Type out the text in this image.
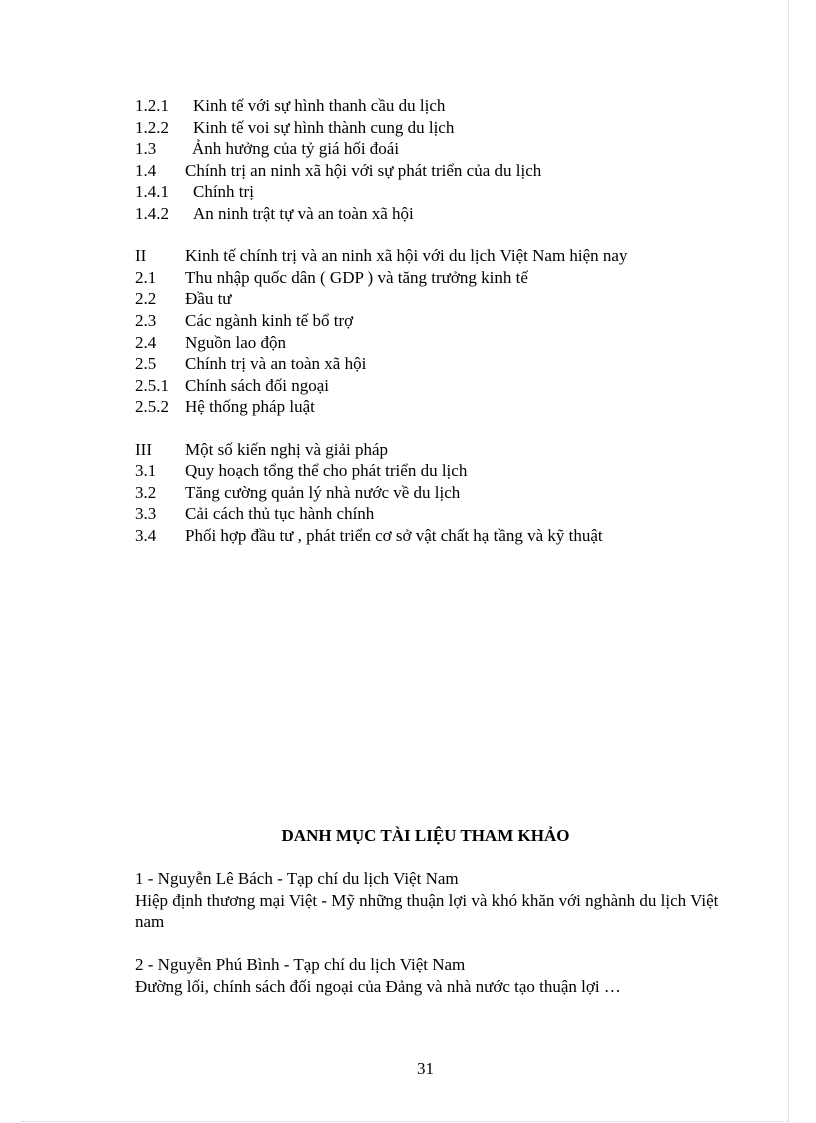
1.2.1 Kinh tế với sự hình thanh cầu du lịch
1.2.2 Kinh tế voi sự hình thành cung du lịch
1.3 Ảnh hưởng của tỷ giá hối đoái
1.4 Chính trị an ninh xã hội với sự phát triển của du lịch
1.4.1 Chính trị
1.4.2 An ninh trật tự và an toàn xã hội
II Kinh tế chính trị và an ninh xã hội với du lịch Việt Nam hiện nay
2.1 Thu nhập quốc dân ( GDP ) và tăng trưởng kinh tế
2.2 Đầu tư
2.3 Các ngành kinh tế bổ trợ
2.4 Nguồn lao độn
2.5 Chính trị và an toàn xã hội
2.5.1 Chính sách đối ngoại
2.5.2 Hệ thống pháp luật
III Một số kiến nghị và giải pháp
3.1 Quy hoạch tổng thể cho phát triển du lịch
3.2 Tăng cường quản lý nhà nước về du lịch
3.3 Cải cách thủ tục hành chính
3.4 Phối hợp đầu tư , phát triển cơ sở vật chất hạ tầng và kỹ thuật
DANH MỤC TÀI LIỆU THAM KHẢO
1 - Nguyễn Lê Bách - Tạp chí du lịch Việt Nam
Hiệp định thương mại Việt - Mỹ những thuận lợi và khó khăn với nghành du lịch Việt nam
2 - Nguyễn Phú Bình - Tạp chí du lịch Việt Nam
Đường lối, chính sách đối ngoại của Đảng và nhà nước tạo thuận lợi …
31
